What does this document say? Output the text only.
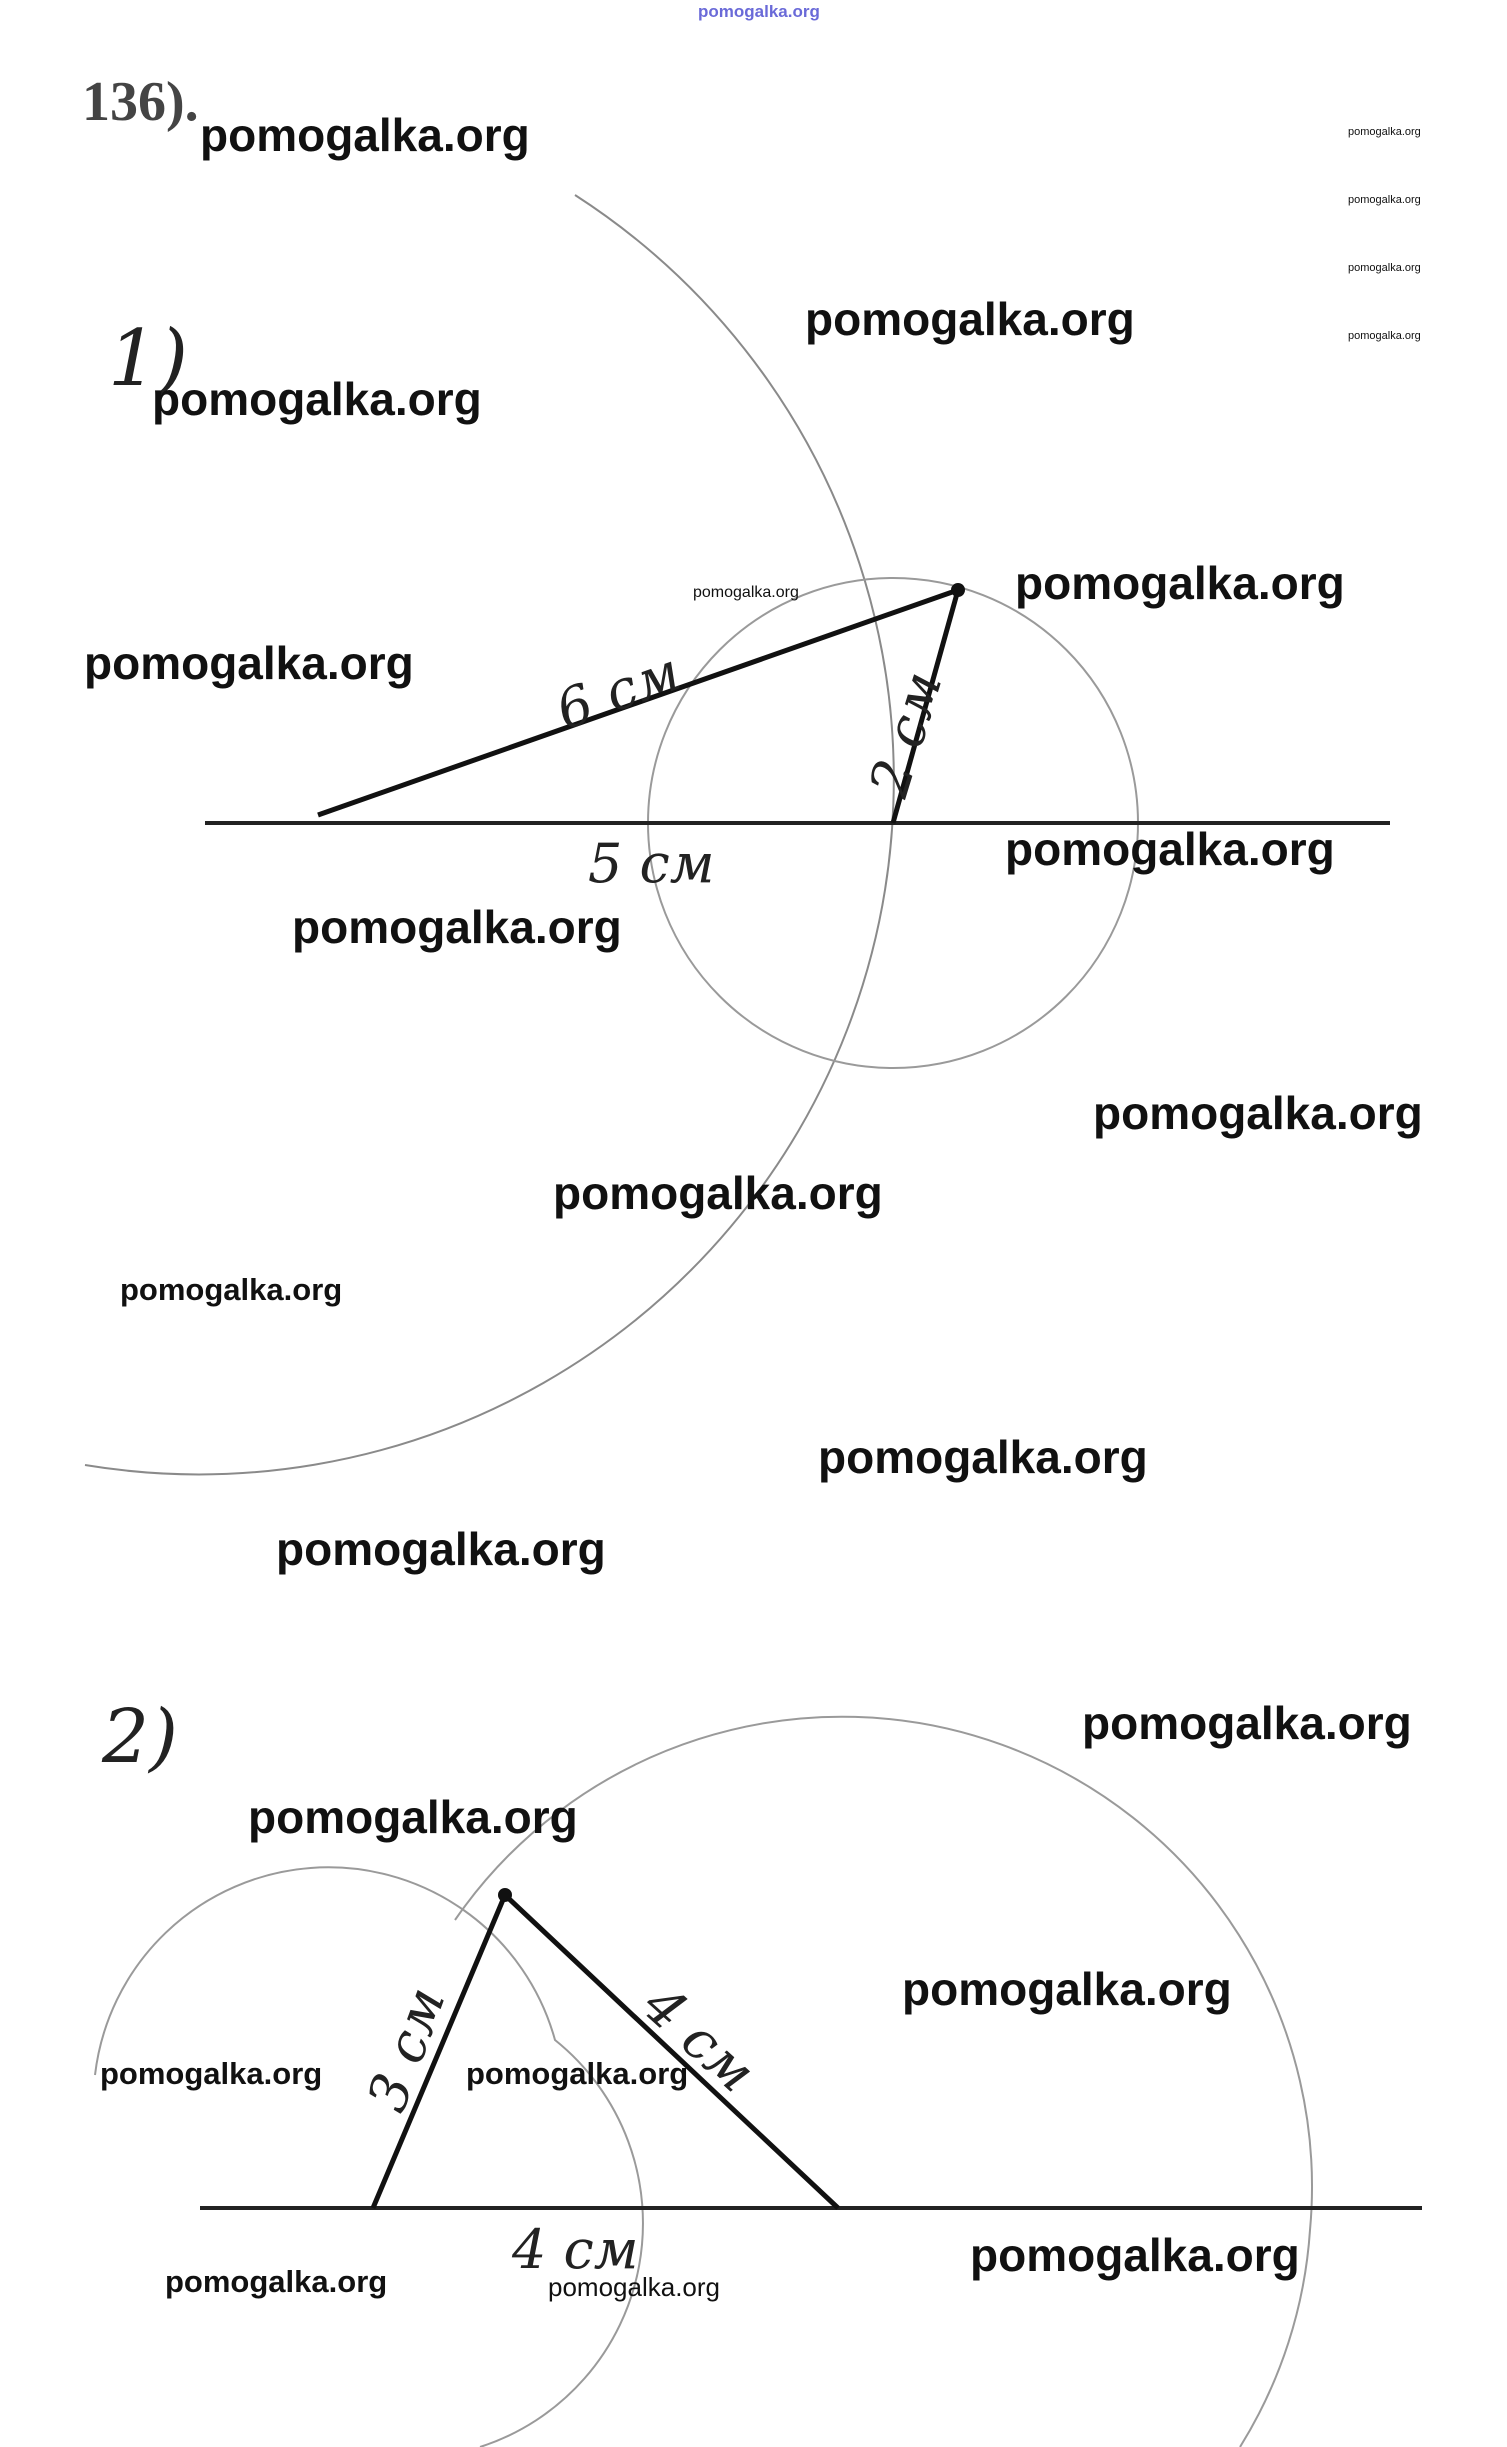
pomogalka.org
136).
1)
6 см	2 см
5 см
2)
3 см	4 см
4 см
pomogalka.org	pomogalka.org
pomogalka.org
pomogalka.org
pomogalka.org
pomogalka.org
pomogalka.org
pomogalka.org	pomogalka.org
pomogalka.org
pomogalka.org
pomogalka.org
pomogalka.org
pomogalka.org
pomogalka.org
pomogalka.org
pomogalka.org
pomogalka.org
pomogalka.org
pomogalka.org
pomogalka.org	pomogalka.org
pomogalka.org
pomogalka.org	pomogalka.org
